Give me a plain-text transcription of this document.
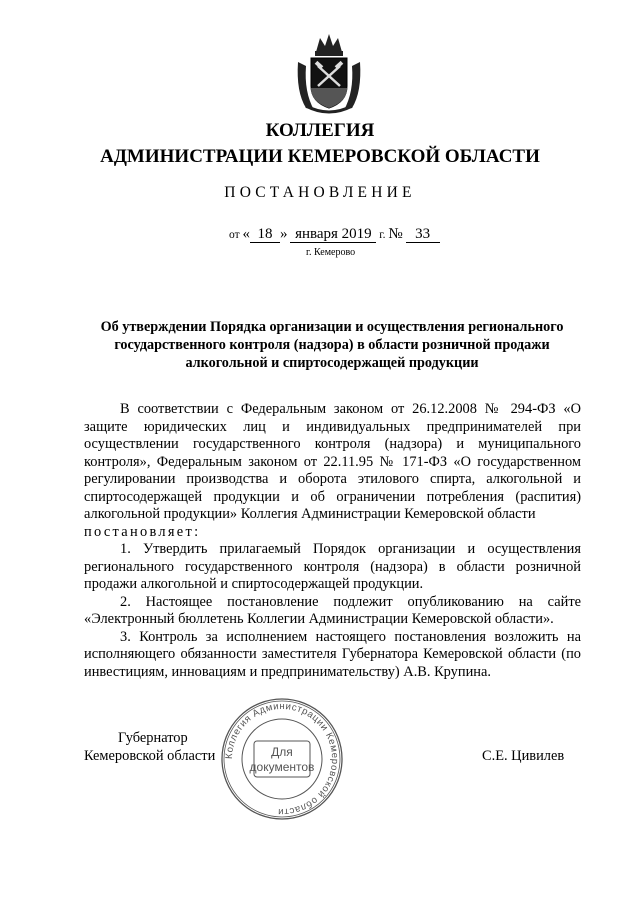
КОЛЛЕГИЯ
АДМИНИСТРАЦИИ КЕМЕРОВСКОЙ ОБЛАСТИ
ПОСТАНОВЛЕНИЕ
от « 18 » января 2019 г. № 33
г. Кемерово
Об утверждении Порядка организации и осуществления регионального
государственного контроля (надзора) в области розничной продажи
алкогольной и спиртосодержащей продукции

В соответствии с Федеральным законом от 26.12.2008 № 294-ФЗ «О защите юридических лиц и индивидуальных предпринимателей при осуществлении государственного контроля (надзора) и муниципального контроля», Федеральным законом от 22.11.95 № 171-ФЗ «О государственном регулировании производства и оборота этилового спирта, алкогольной и спиртосодержащей продукции и об ограничении потребления (распития) алкогольной продукции» Коллегия Администрации Кемеровской области

постановляет:

1. Утвердить прилагаемый Порядок организации и осуществления регионального государственного контроля (надзора) в области розничной продажи алкогольной и спиртосодержащей продукции.

2. Настоящее постановление подлежит опубликованию на сайте «Электронный бюллетень Коллегии Администрации Кемеровской области».

3. Контроль за исполнением настоящего постановления возложить на исполняющего обязанности заместителя Губернатора Кемеровской области (по инвестициям, инновациям и предпринимательству) А.В. Крупина.

Губернатор
Кемеровской области	С.Е. Цивилев
Коллегия Администрации Кемеровской области
Для
документов
